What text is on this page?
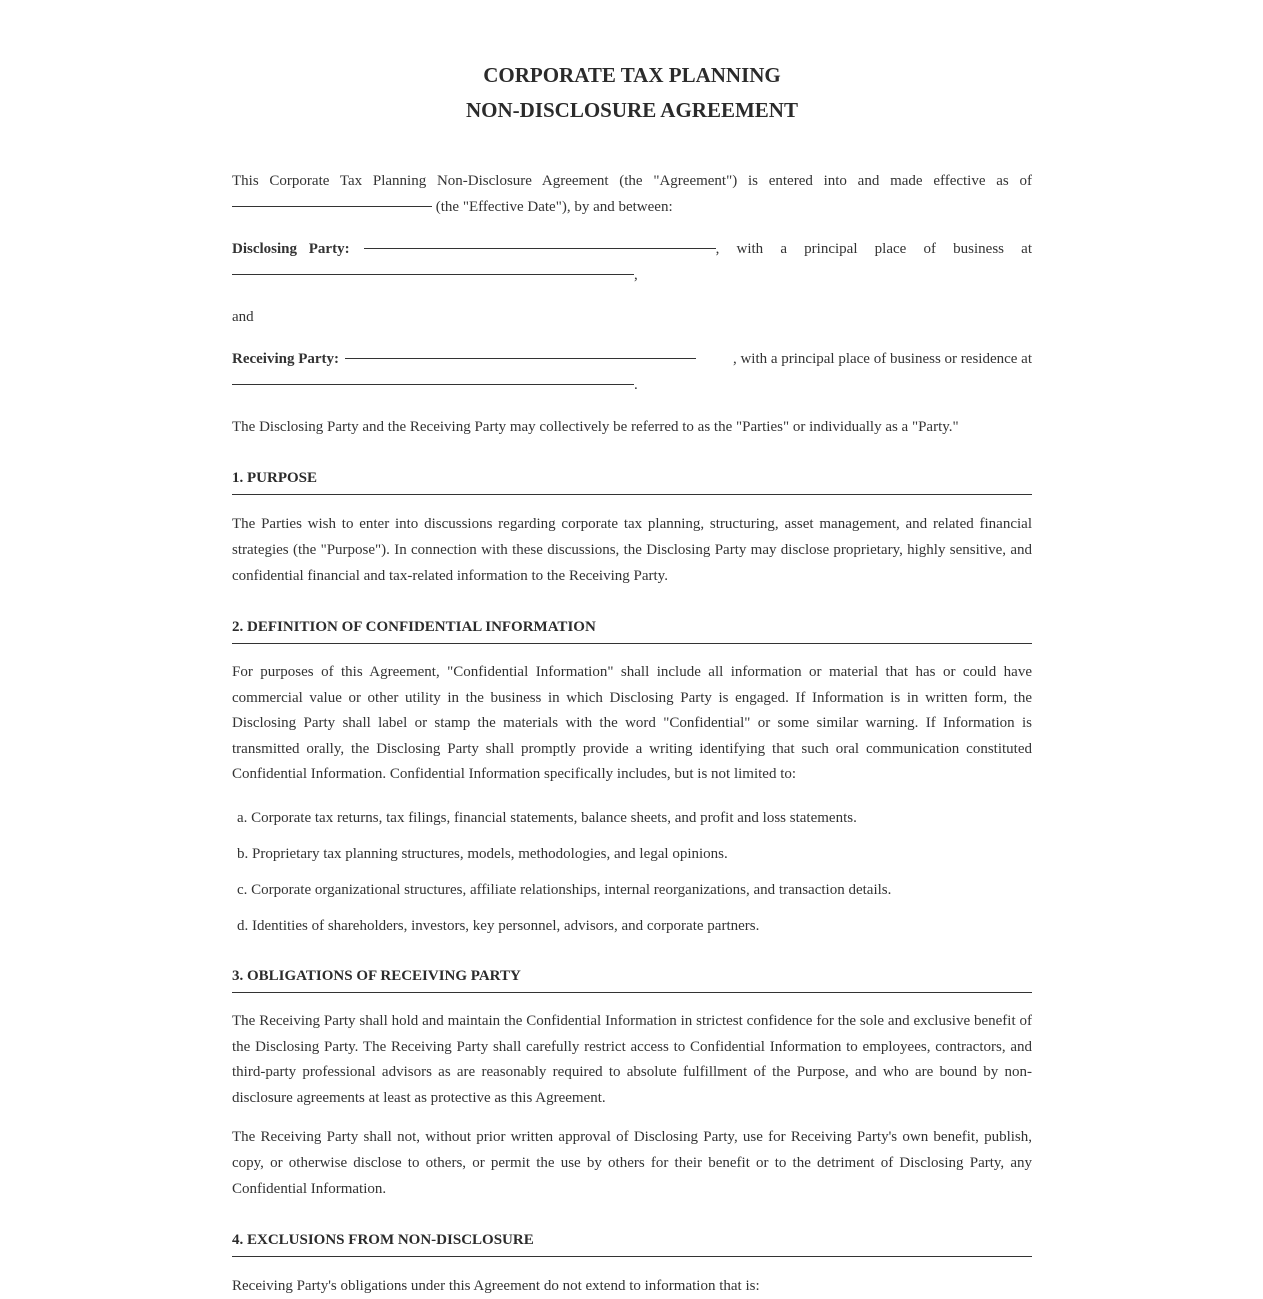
CORPORATE TAX PLANNING
NON-DISCLOSURE AGREEMENT

This Corporate Tax Planning Non-Disclosure Agreement (the "Agreement") is entered into and made effective as of  (the "Effective Date"), by and between:

Disclosing Party:	, with a principal place of business at
,

and

Receiving Party:	, with a principal place of business or residence at
.

The Disclosing Party and the Receiving Party may collectively be referred to as the "Parties" or individually as a "Party."

1. PURPOSE

The Parties wish to enter into discussions regarding corporate tax planning, structuring, asset management, and related financial strategies (the "Purpose"). In connection with these discussions, the Disclosing Party may disclose proprietary, highly sensitive, and confidential financial and tax-related information to the Receiving Party.

2. DEFINITION OF CONFIDENTIAL INFORMATION

For purposes of this Agreement, "Confidential Information" shall include all information or material that has or could have commercial value or other utility in the business in which Disclosing Party is engaged. If Information is in written form, the Disclosing Party shall label or stamp the materials with the word "Confidential" or some similar warning. If Information is transmitted orally, the Disclosing Party shall promptly provide a writing identifying that such oral communication constituted Confidential Information. Confidential Information specifically includes, but is not limited to:

a. Corporate tax returns, tax filings, financial statements, balance sheets, and profit and loss statements.

b. Proprietary tax planning structures, models, methodologies, and legal opinions.

c. Corporate organizational structures, affiliate relationships, internal reorganizations, and transaction details.

d. Identities of shareholders, investors, key personnel, advisors, and corporate partners.

3. OBLIGATIONS OF RECEIVING PARTY

The Receiving Party shall hold and maintain the Confidential Information in strictest confidence for the sole and exclusive benefit of the Disclosing Party. The Receiving Party shall carefully restrict access to Confidential Information to employees, contractors, and third-party professional advisors as are reasonably required to absolute fulfillment of the Purpose, and who are bound by non-disclosure agreements at least as protective as this Agreement.

The Receiving Party shall not, without prior written approval of Disclosing Party, use for Receiving Party's own benefit, publish, copy, or otherwise disclose to others, or permit the use by others for their benefit or to the detriment of Disclosing Party, any Confidential Information.

4. EXCLUSIONS FROM NON-DISCLOSURE

Receiving Party's obligations under this Agreement do not extend to information that is:
